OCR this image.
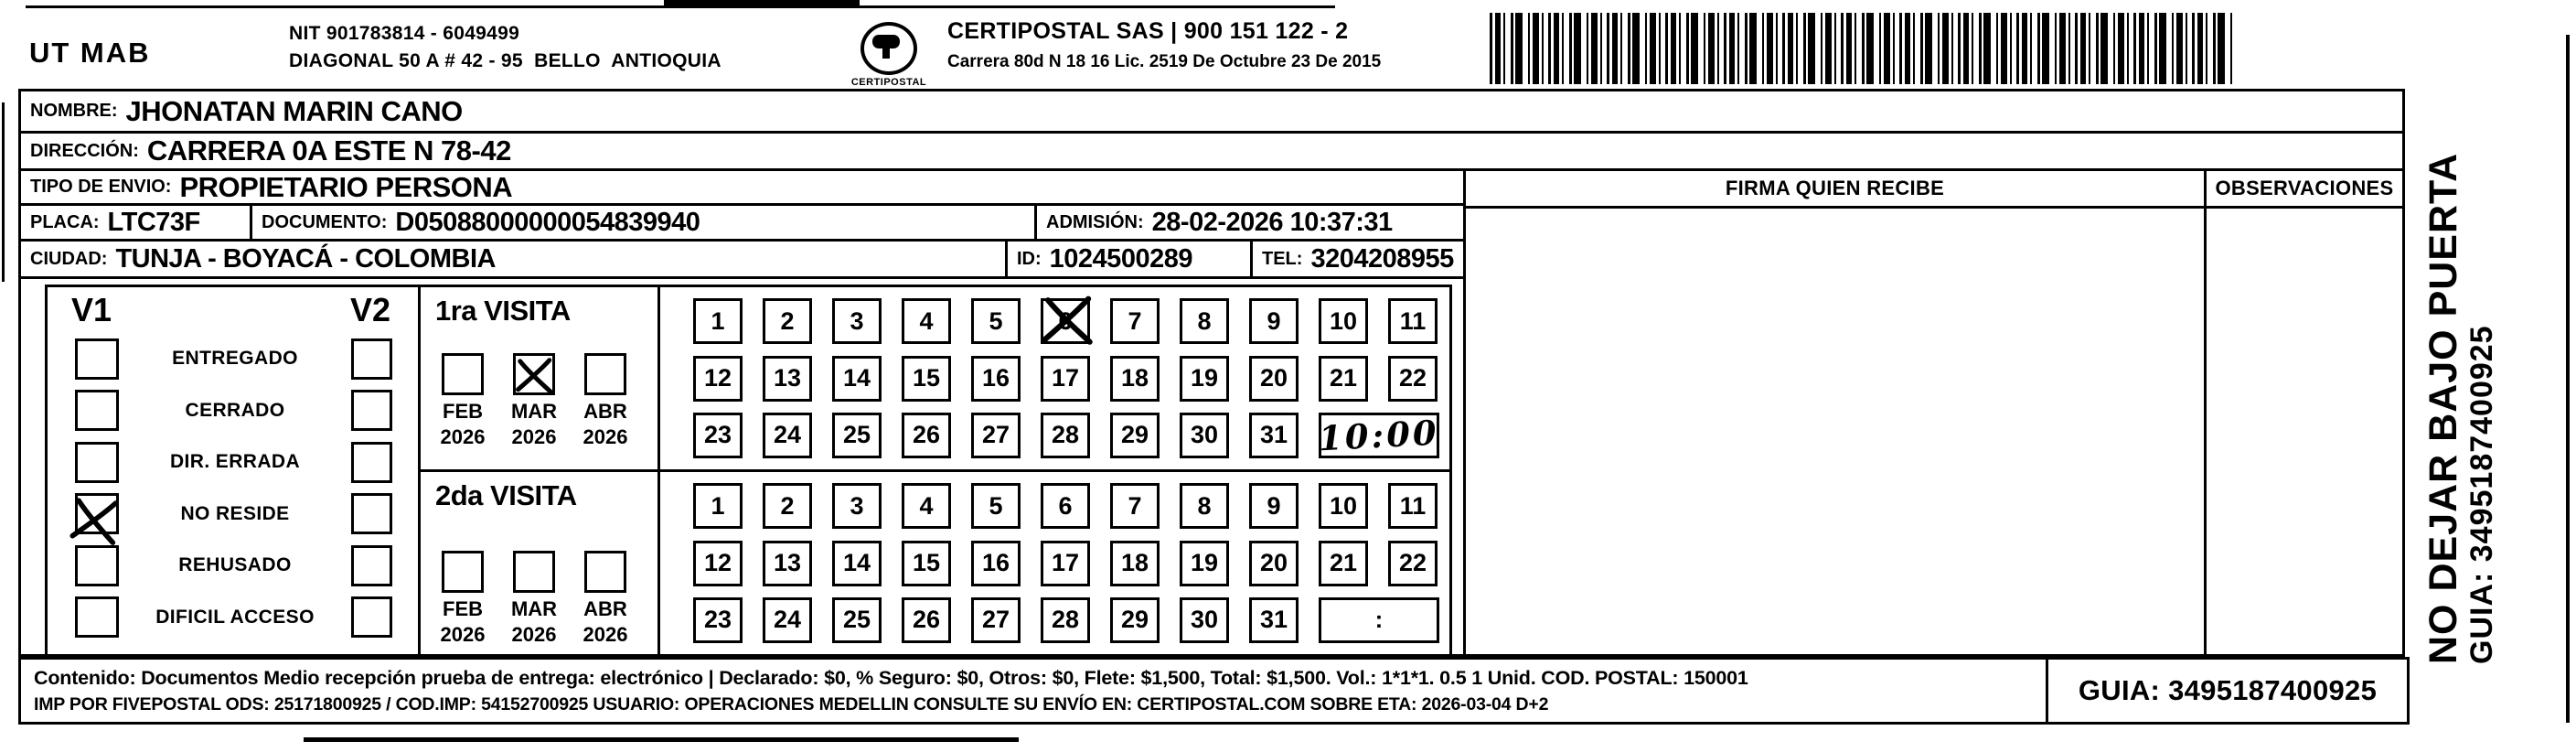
UT MAB
NIT 901783814 - 6049499
DIAGONAL 50 A # 42 - 95  BELLO  ANTIOQUIA
CERTIPOSTAL
CERTIPOSTAL SAS | 900 151 122 - 2
Carrera 80d N 18 16 Lic. 2519 De Octubre 23 De 2015
NOMBRE: JHONATAN MARIN CANO
DIRECCIÓN: CARRERA 0A ESTE N 78-42
TIPO DE ENVIO: PROPIETARIO PERSONA
PLACA: LTC73F	DOCUMENTO: D05088000000054839940	ADMISIÓN: 28-02-2026 10:37:31
CIUDAD: TUNJA - BOYACÁ - COLOMBIA	ID: 1024500289	TEL: 3204208955
V1	V2
ENTREGADO
CERRADO
DIR. ERRADA
NO RESIDE
REHUSADO
DIFICIL ACCESO
1ra VISITA
FEB
2026
MAR
2026
ABR
2026
2da VISITA
FEB
2026
MAR
2026
ABR
2026
1 2 3 4 5 6 7 8 9 10 11
12 13 14 15 16 17 18 19 20 21 22
23 24 25 26 27 28 29 30 31 10:00
1 2 3 4 5 6 7 8 9 10 11
12 13 14 15 16 17 18 19 20 21 22
23 24 25 26 27 28 29 30 31	:
FIRMA QUIEN RECIBE	OBSERVACIONES
Contenido: Documentos Medio recepción prueba de entrega: electrónico | Declarado: $0, % Seguro: $0, Otros: $0, Flete: $1,500, Total: $1,500. Vol.: 1*1*1. 0.5 1 Unid. COD. POSTAL: 150001
IMP POR FIVEPOSTAL ODS: 25171800925 / COD.IMP: 54152700925 USUARIO: OPERACIONES MEDELLIN CONSULTE SU ENVÍO EN: CERTIPOSTAL.COM SOBRE ETA: 2026-03-04 D+2	GUIA: 3495187400925
NO DEJAR BAJO PUERTA GUIA: 3495187400925
